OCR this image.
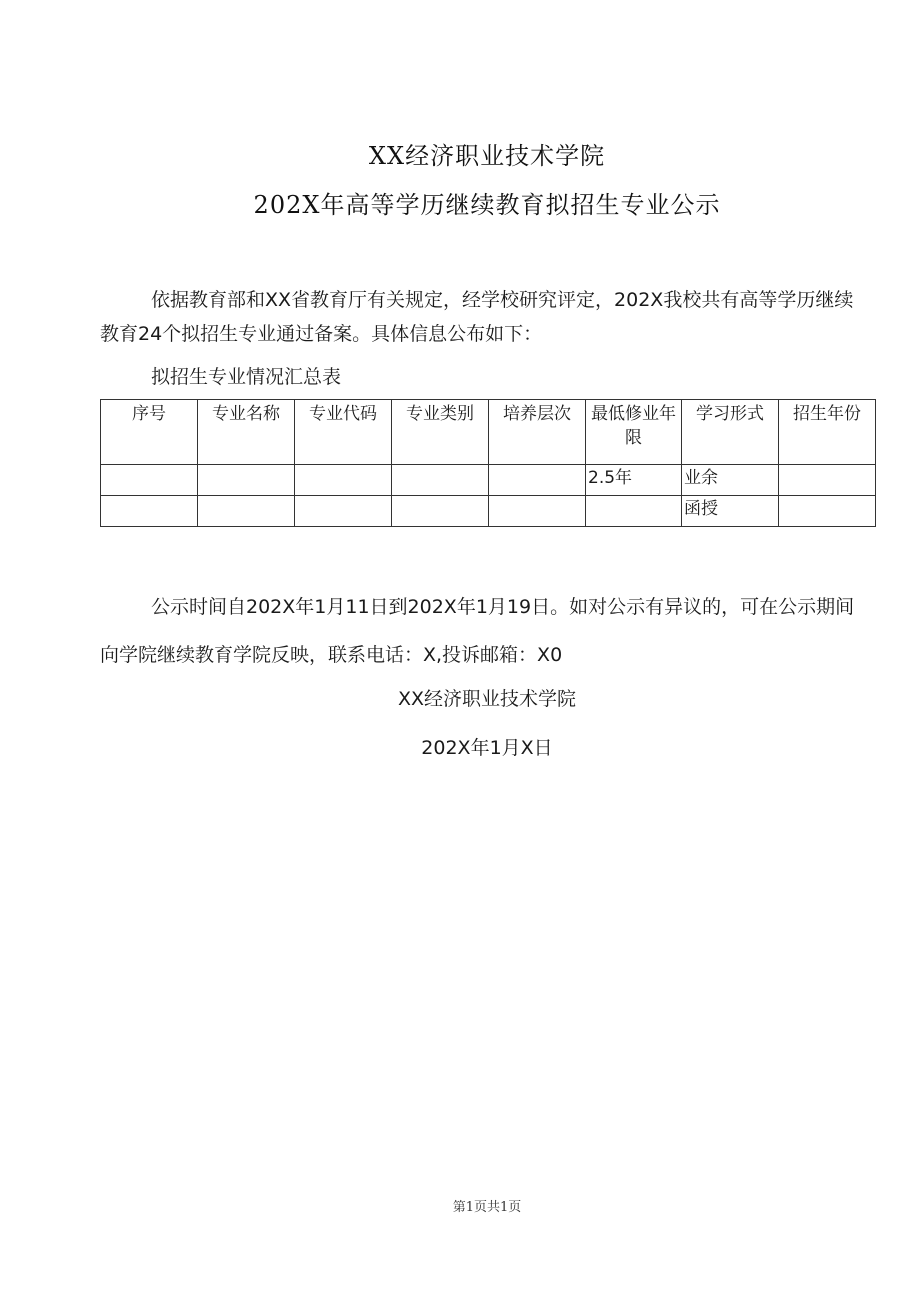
XX经济职业技术学院
202X年高等学历继续教育拟招生专业公示
依据教育部和XX省教育厅有关规定，经学校研究评定，202X我校共有高等学历继续教育24个拟招生专业通过备案。具体信息公布如下：
拟招生专业情况汇总表
序号	专业名称	专业代码	专业类别	培养层次	最低修业年限	学习形式	招生年份
					2.5年	业余	
						函授	
公示时间自202X年1月11日到202X年1月19日。如对公示有异议的，可在公示期间向学院继续教育学院反映，联系电话：X,投诉邮箱：X0
XX经济职业技术学院
202X年1月X日
第1页共1页
